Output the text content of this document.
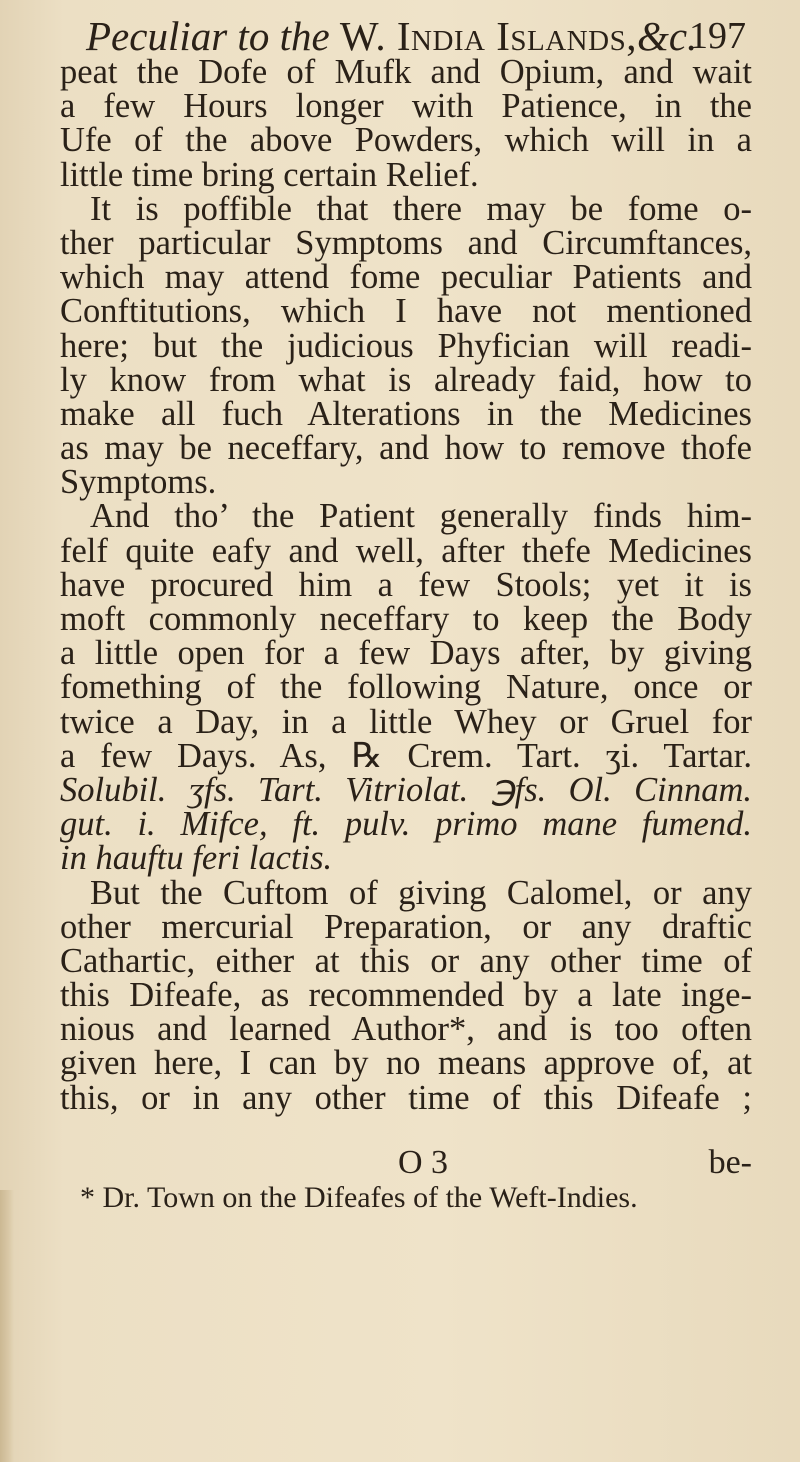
Peculiar to the W. India Islands,&c.
197
peat the Dofe of Mufk and Opium, and wait
a few Hours longer with Patience, in the
Ufe of the above Powders, which will in a
little time bring certain Relief.
It is poffible that there may be fome o-
ther particular Symptoms and Circumftances,
which may attend fome peculiar Patients and
Conftitutions, which I have not mentioned
here; but the judicious Phyfician will readi-
ly know from what is already faid, how to
make all fuch Alterations in the Medicines
as may be neceffary, and how to remove thofe
Symptoms.
And tho’ the Patient generally finds him-
felf quite eafy and well, after thefe Medicines
have procured him a few Stools; yet it is
moft commonly neceffary to keep the Body
a little open for a few Days after, by giving
fomething of the following Nature, once or
twice a Day, in a little Whey or Gruel for
a few Days. As, ℞ Crem. Tart. ʒi. Tartar.
Solubil. ʒfs. Tart. Vitriolat. ℈fs. Ol. Cinnam.
gut. i. Mifce, ft. pulv. primo mane fumend.
in hauftu feri lactis.
But the Cuftom of giving Calomel, or any
other mercurial Preparation, or any draftic
Cathartic, either at this or any other time of
this Difeafe, as recommended by a late inge-
nious and learned Author*, and is too often
given here, I can by no means approve of, at
this, or in any other time of this Difeafe ;
O 3	be-
* Dr. Town on the Difeafes of the Weft-Indies.
